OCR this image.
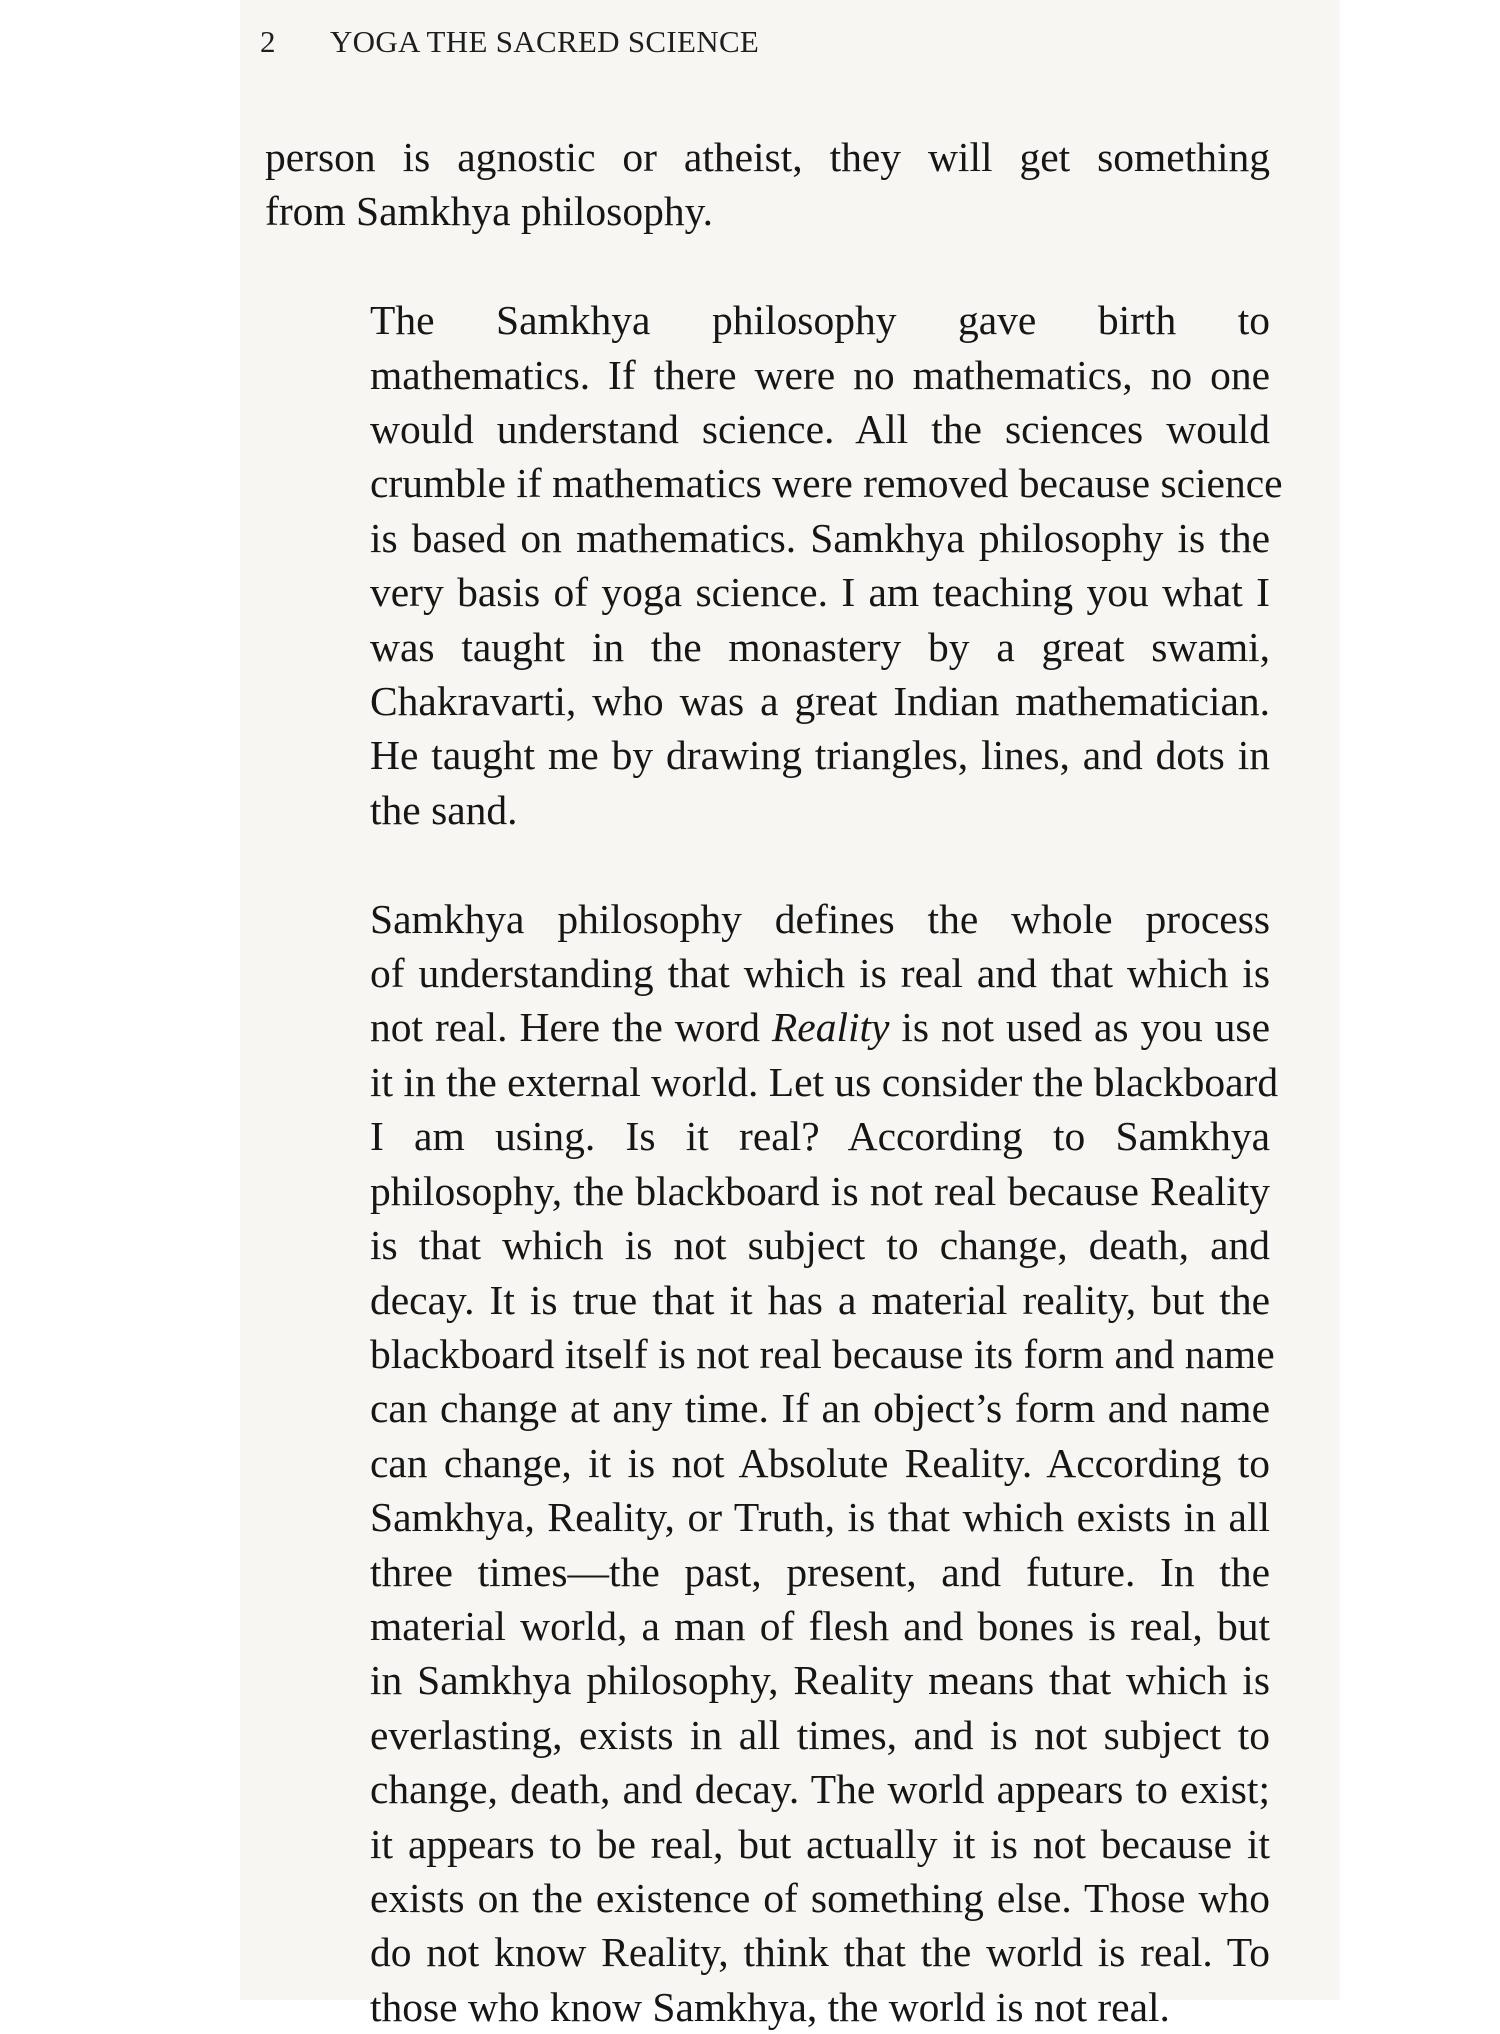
2 YOGA THE SACRED SCIENCE

person is agnostic or atheist, they will get something
from Samkhya philosophy.

The Samkhya philosophy gave birth to
mathematics. If there were no mathematics, no one
would understand science. All the sciences would
crumble if mathematics were removed because science
is based on mathematics. Samkhya philosophy is the
very basis of yoga science. I am teaching you what I
was taught in the monastery by a great swami,
Chakravarti, who was a great Indian mathematician.
He taught me by drawing triangles, lines, and dots in
the sand.

Samkhya philosophy defines the whole process
of understanding that which is real and that which is
not real. Here the word Reality is not used as you use
it in the external world. Let us consider the blackboard
I am using. Is it real? According to Samkhya
philosophy, the blackboard is not real because Reality
is that which is not subject to change, death, and
decay. It is true that it has a material reality, but the
blackboard itself is not real because its form and name
can change at any time. If an object’s form and name
can change, it is not Absolute Reality. According to
Samkhya, Reality, or Truth, is that which exists in all
three times—the past, present, and future. In the
material world, a man of flesh and bones is real, but
in Samkhya philosophy, Reality means that which is
everlasting, exists in all times, and is not subject to
change, death, and decay. The world appears to exist;
it appears to be real, but actually it is not because it
exists on the existence of something else. Those who
do not know Reality, think that the world is real. To
those who know Samkhya, the world is not real.
